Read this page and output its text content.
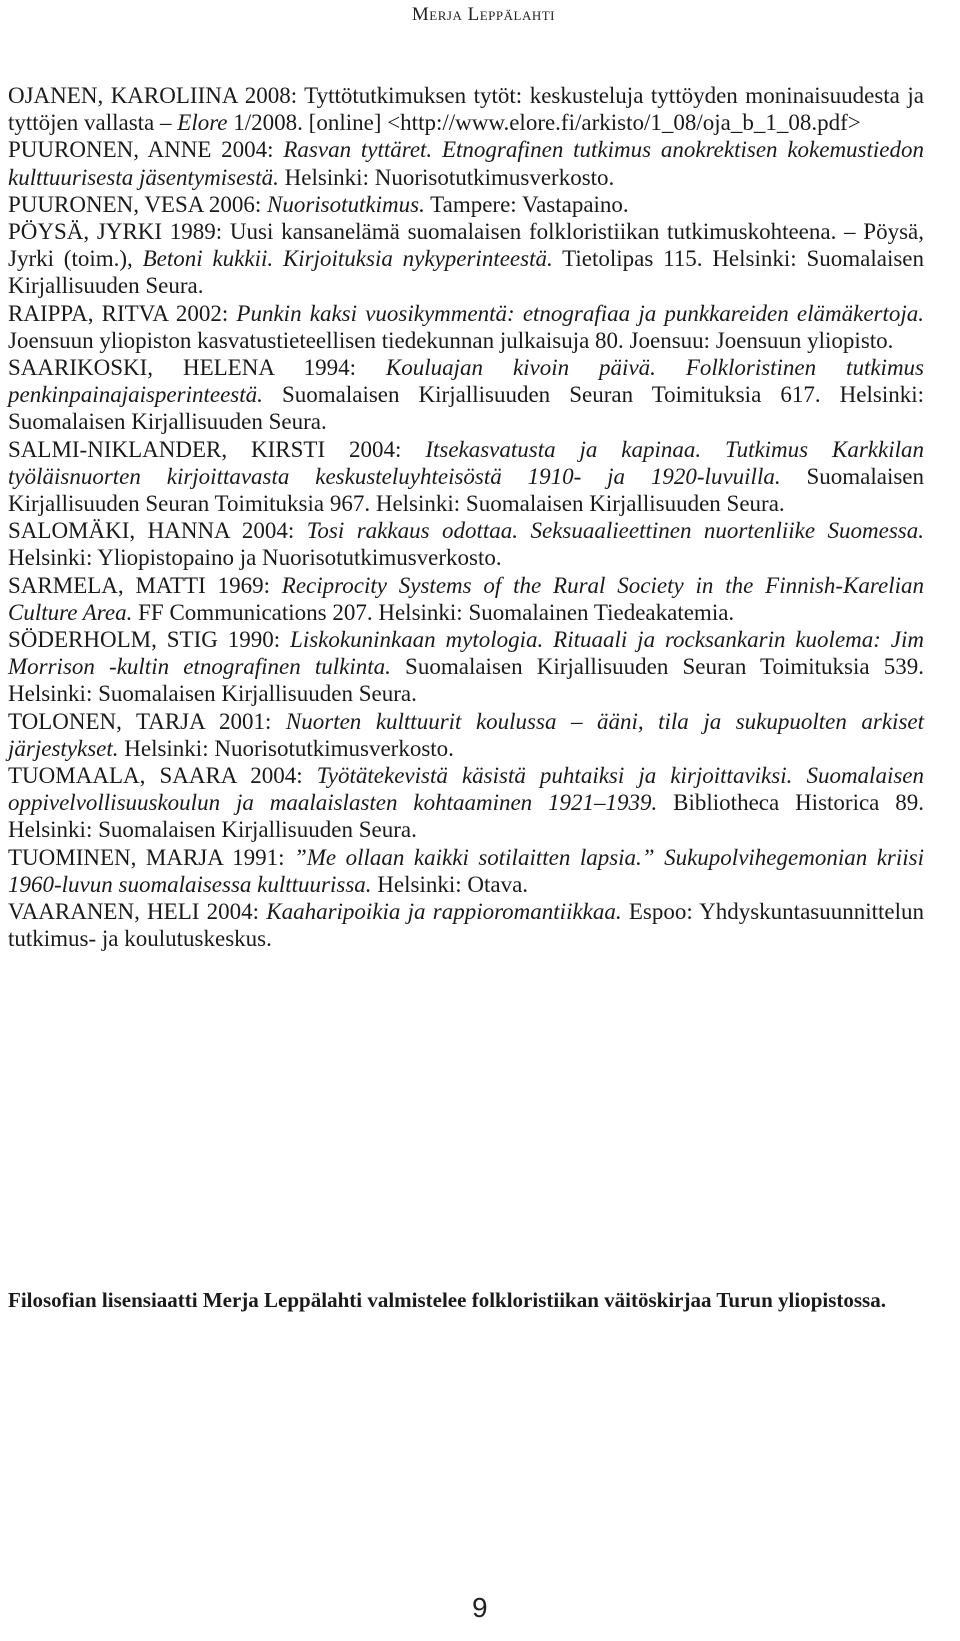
Merja Leppälahti

OJANEN, KAROLIINA 2008: Tyttötutkimuksen tytöt: keskusteluja tyttöyden moninaisuudesta ja tyttöjen vallasta – Elore 1/2008. [online] <http://www.elore.fi/arkisto/1_08/oja_b_1_08.pdf>

PUURONEN, ANNE 2004: Rasvan tyttäret. Etnografinen tutkimus anokrektisen kokemustiedon kulttuurisesta jäsentymisestä. Helsinki: Nuorisotutkimusverkosto.

PUURONEN, VESA 2006: Nuorisotutkimus. Tampere: Vastapaino.

PÖYSÄ, JYRKI 1989: Uusi kansanelämä suomalaisen folkloristiikan tutkimuskohteena. – Pöysä, Jyrki (toim.), Betoni kukkii. Kirjoituksia nykyperinteestä. Tietolipas 115. Helsinki: Suomalaisen Kirjallisuuden Seura.

RAIPPA, RITVA 2002: Punkin kaksi vuosikymmentä: etnografiaa ja punkkareiden elämäkertoja. Joensuun yliopiston kasvatustieteellisen tiedekunnan julkaisuja 80. Joensuu: Joensuun yliopisto.

SAARIKOSKI, HELENA 1994: Kouluajan kivoin päivä. Folkloristinen tutkimus penkinpainajaisperinteestä. Suomalaisen Kirjallisuuden Seuran Toimituksia 617. Helsinki: Suomalaisen Kirjallisuuden Seura.

SALMI-NIKLANDER, KIRSTI 2004: Itsekasvatusta ja kapinaa. Tutkimus Karkkilan työläisnuorten kirjoittavasta keskusteluyhteisöstä 1910- ja 1920-luvuilla. Suomalaisen Kirjallisuuden Seuran Toimituksia 967. Helsinki: Suomalaisen Kirjallisuuden Seura.

SALOMÄKI, HANNA 2004: Tosi rakkaus odottaa. Seksuaalieettinen nuortenliike Suomessa. Helsinki: Yliopistopaino ja Nuorisotutkimusverkosto.

SARMELA, MATTI 1969: Reciprocity Systems of the Rural Society in the Finnish-Karelian Culture Area. FF Communications 207. Helsinki: Suomalainen Tiedeakatemia.

SÖDERHOLM, STIG 1990: Liskokuninkaan mytologia. Rituaali ja rocksankarin kuolema: Jim Morrison -kultin etnografinen tulkinta. Suomalaisen Kirjallisuuden Seuran Toimituksia 539. Helsinki: Suomalaisen Kirjallisuuden Seura.

TOLONEN, TARJA 2001: Nuorten kulttuurit koulussa – ääni, tila ja sukupuolten arkiset järjestykset. Helsinki: Nuorisotutkimusverkosto.

TUOMAALA, SAARA 2004: Työtätekevistä käsistä puhtaiksi ja kirjoittaviksi. Suomalaisen oppivelvollisuuskoulun ja maalaislasten kohtaaminen 1921–1939. Bibliotheca Historica 89. Helsinki: Suomalaisen Kirjallisuuden Seura.

TUOMINEN, MARJA 1991: ”Me ollaan kaikki sotilaitten lapsia.” Sukupolvihegemonian kriisi 1960-luvun suomalaisessa kulttuurissa. Helsinki: Otava.

VAARANEN, HELI 2004: Kaaharipoikia ja rappioromantiikkaa. Espoo: Yhdyskuntasuunnittelun tutkimus- ja koulutuskeskus.

Filosofian lisensiaatti Merja Leppälahti valmistelee folkloristiikan väitöskirjaa Turun yliopistossa.

9
